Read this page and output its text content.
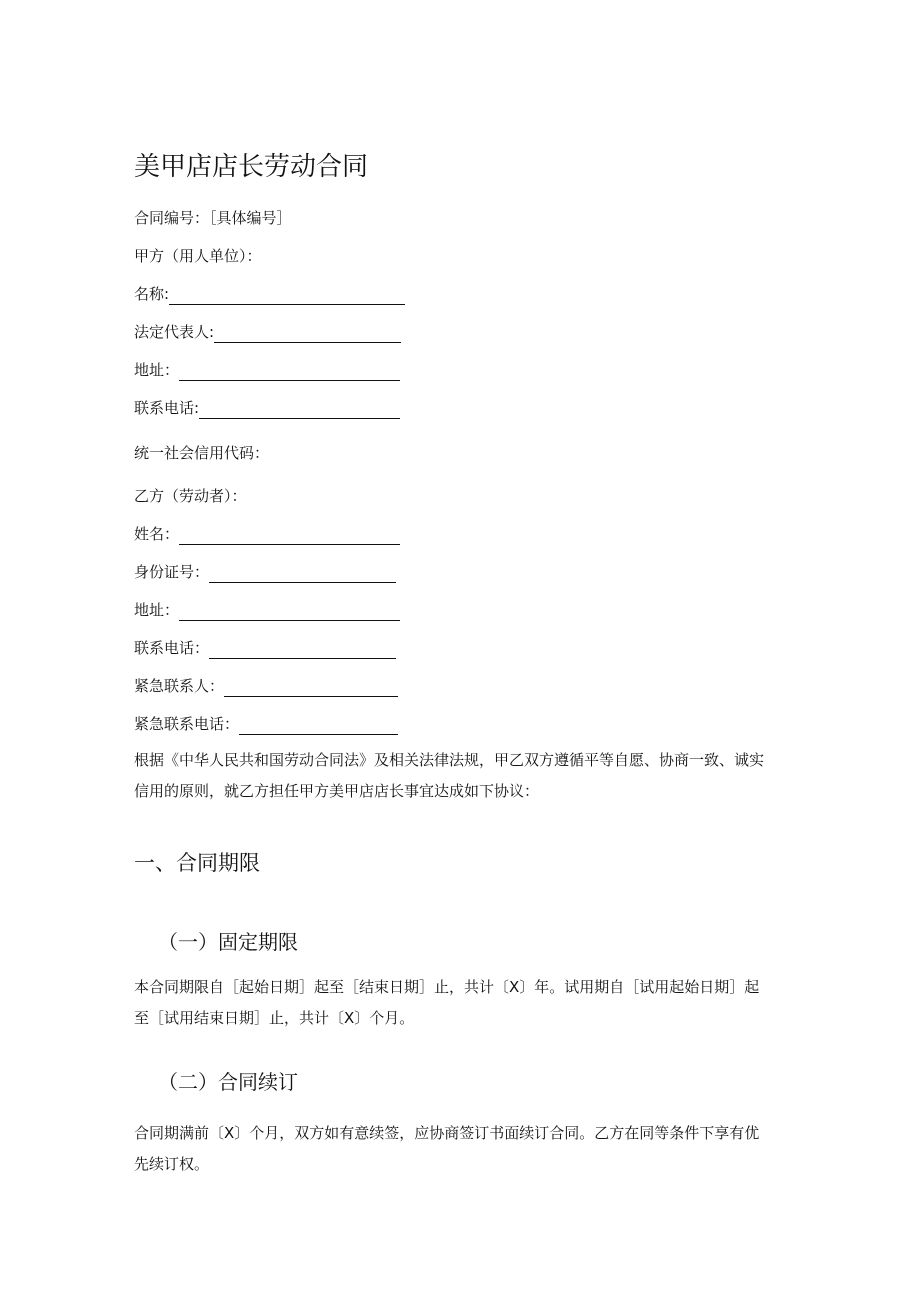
美甲店店长劳动合同
合同编号：［具体编号］
甲方（用人单位）：
名称:
法定代表人:
地址：
联系电话:
统一社会信用代码：
乙方（劳动者）：
姓名：
身份证号：
地址：
联系电话：
紧急联系人：
紧急联系电话：
根据《中华人民共和国劳动合同法》及相关法律法规，甲乙双方遵循平等自愿、协商一致、诚实信用的原则，就乙方担任甲方美甲店店长事宜达成如下协议：
一、合同期限
（一）固定期限
本合同期限自［起始日期］起至［结束日期］止，共计〔X〕年。试用期自［试用起始日期］起至［试用结束日期］止，共计〔X〕个月。
（二）合同续订
合同期满前〔X〕个月，双方如有意续签，应协商签订书面续订合同。乙方在同等条件下享有优先续订权。
